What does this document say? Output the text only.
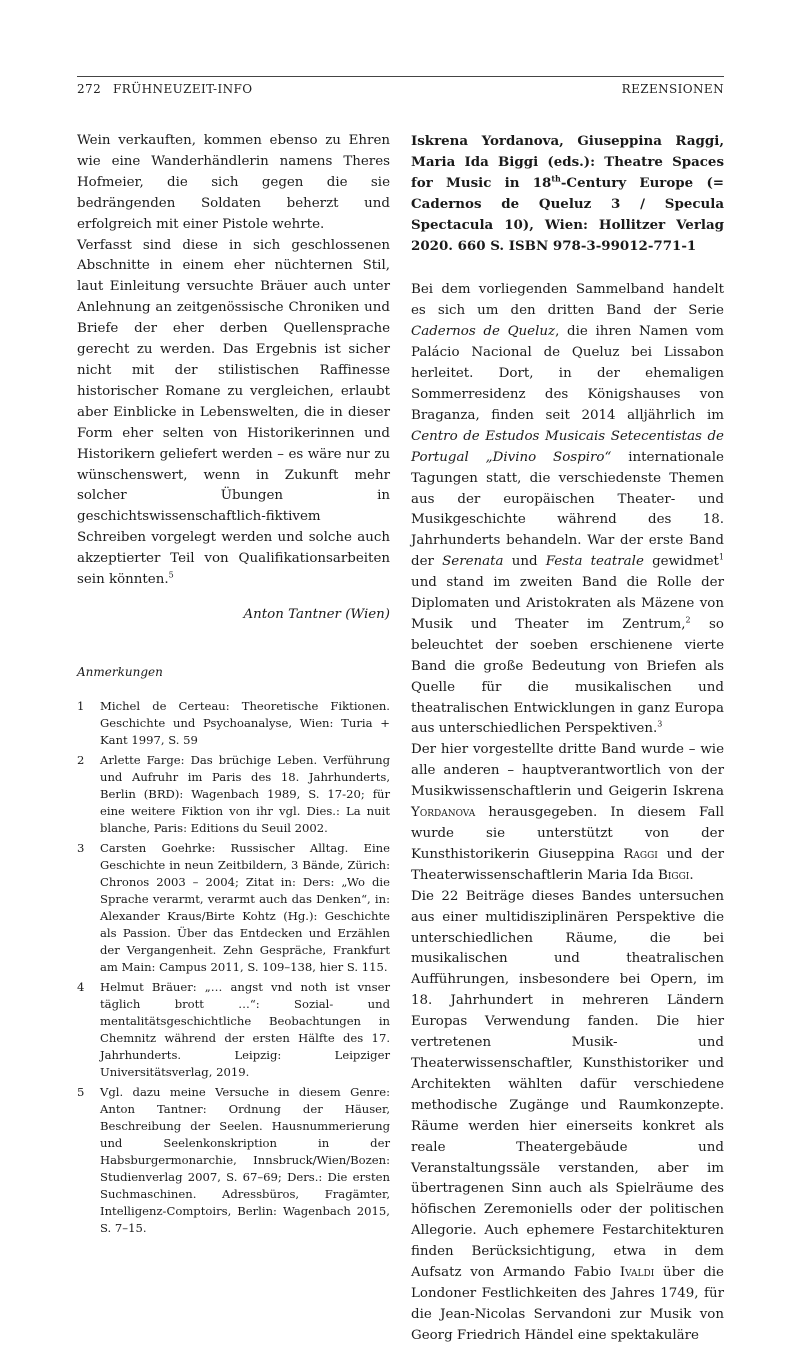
272 FRÜHNEUZEIT-INFO	REZENSIONEN

Wein verkauften, kommen ebenso zu Ehren wie eine Wanderhändlerin namens Theres Hofmeier, die sich gegen die sie bedrängenden Soldaten beherzt und erfolgreich mit einer Pistole wehrte.

Verfasst sind diese in sich geschlossenen Abschnitte in einem eher nüchternen Stil, laut Einleitung versuchte Bräuer auch unter Anlehnung an zeitgenössische Chroniken und Briefe der eher derben Quellensprache gerecht zu werden. Das Ergebnis ist sicher nicht mit der stilistischen Raffinesse historischer Romane zu vergleichen, erlaubt aber Einblicke in Lebenswelten, die in dieser Form eher selten von Historikerinnen und Historikern geliefert werden – es wäre nur zu wünschenswert, wenn in Zukunft mehr solcher Übungen in geschichtswissenschaftlich-fiktivem Schreiben vorgelegt werden und solche auch akzeptierter Teil von Qualifikationsarbeiten sein könnten.$^5$

Anton Tantner (Wien)
Anmerkungen
1	Michel de Certeau: Theoretische Fiktionen. Geschichte und Psychoanalyse, Wien: Turia + Kant 1997, S. 59
2	Arlette Farge: Das brüchige Leben. Verführung und Aufruhr im Paris des 18. Jahrhunderts, Berlin (BRD): Wagenbach 1989, S. 17-20; für eine weitere Fiktion von ihr vgl. Dies.: La nuit blanche, Paris: Editions du Seuil 2002.
3	Carsten Goehrke: Russischer Alltag. Eine Geschichte in neun Zeitbildern, 3 Bände, Zürich: Chronos 2003 – 2004; Zitat in: Ders: „Wo die Sprache verarmt, verarmt auch das Denken“, in: Alexander Kraus/Birte Kohtz (Hg.): Geschichte als Passion. Über das Entdecken und Erzählen der Vergangenheit. Zehn Gespräche, Frankfurt am Main: Campus 2011, S. 109–138, hier S. 115.
4	Helmut Bräuer: „… angst vnd noth ist vnser täglich brott …“: Sozial- und mentalitätsgeschichtliche Beobachtungen in Chemnitz während der ersten Hälfte des 17. Jahrhunderts. Leipzig: Leipziger Universitätsverlag, 2019.
5	Vgl. dazu meine Versuche in diesem Genre: Anton Tantner: Ordnung der Häuser, Beschreibung der Seelen. Hausnummerierung und Seelenkonskription in der Habsburgermonarchie, Innsbruck/Wien/Bozen: Studienverlag 2007, S. 67–69; Ders.: Die ersten Suchmaschinen. Adressbüros, Fragämter, Intelligenz-Comptoirs, Berlin: Wagenbach 2015, S. 7–15.
Iskrena Yordanova, Giuseppina Raggi, Maria Ida Biggi (eds.): Theatre Spaces for Music in 18th-Century Europe (= Cadernos de Queluz 3 / Specula Spectacula 10), Wien: Hollitzer Verlag 2020. 660 S. ISBN 978-3-99012-771-1

Bei dem vorliegenden Sammelband handelt es sich um den dritten Band der Serie Cadernos de Queluz, die ihren Namen vom Palácio Nacional de Queluz bei Lissabon herleitet. Dort, in der ehemaligen Sommerresidenz des Königshauses von Braganza, finden seit 2014 alljährlich im Centro de Estudos Musicais Setecentistas de Portugal „Divino Sospiro“ internationale Tagungen statt, die verschiedenste Themen aus der europäischen Theater- und Musikgeschichte während des 18. Jahrhunderts behandeln. War der erste Band der Serenata und Festa teatrale gewidmet$^1$ und stand im zweiten Band die Rolle der Diplomaten und Aristokraten als Mäzene von Musik und Theater im Zentrum,$^2$ so beleuchtet der soeben erschienene vierte Band die große Bedeutung von Briefen als Quelle für die musikalischen und theatralischen Entwicklungen in ganz Europa aus unterschiedlichen Perspektiven.$^3$

Der hier vorgestellte dritte Band wurde – wie alle anderen – hauptverantwortlich von der Musikwissenschaftlerin und Geigerin Iskrena Yordanova herausgegeben. In diesem Fall wurde sie unterstützt von der Kunsthistorikerin Giuseppina Raggi und der Theaterwissenschaftlerin Maria Ida Biggi.

Die 22 Beiträge dieses Bandes untersuchen aus einer multidisziplinären Perspektive die unterschiedlichen Räume, die bei musikalischen und theatralischen Aufführungen, insbesondere bei Opern, im 18. Jahrhundert in mehreren Ländern Europas Verwendung fanden. Die hier vertretenen Musik- und Theaterwissenschaftler, Kunsthistoriker und Architekten wählten dafür verschiedene methodische Zugänge und Raumkonzepte. Räume werden hier einerseits konkret als reale Theatergebäude und Veranstaltungssäle verstanden, aber im übertragenen Sinn auch als Spielräume des höfischen Zeremoniells oder der politischen Allegorie. Auch ephemere Festarchitekturen finden Berücksichtigung, etwa in dem Aufsatz von Armando Fabio Ivaldi über die Londoner Festlichkeiten des Jahres 1749, für die Jean-Nicolas Servandoni zur Musik von Georg Friedrich Händel eine spektakuläre
